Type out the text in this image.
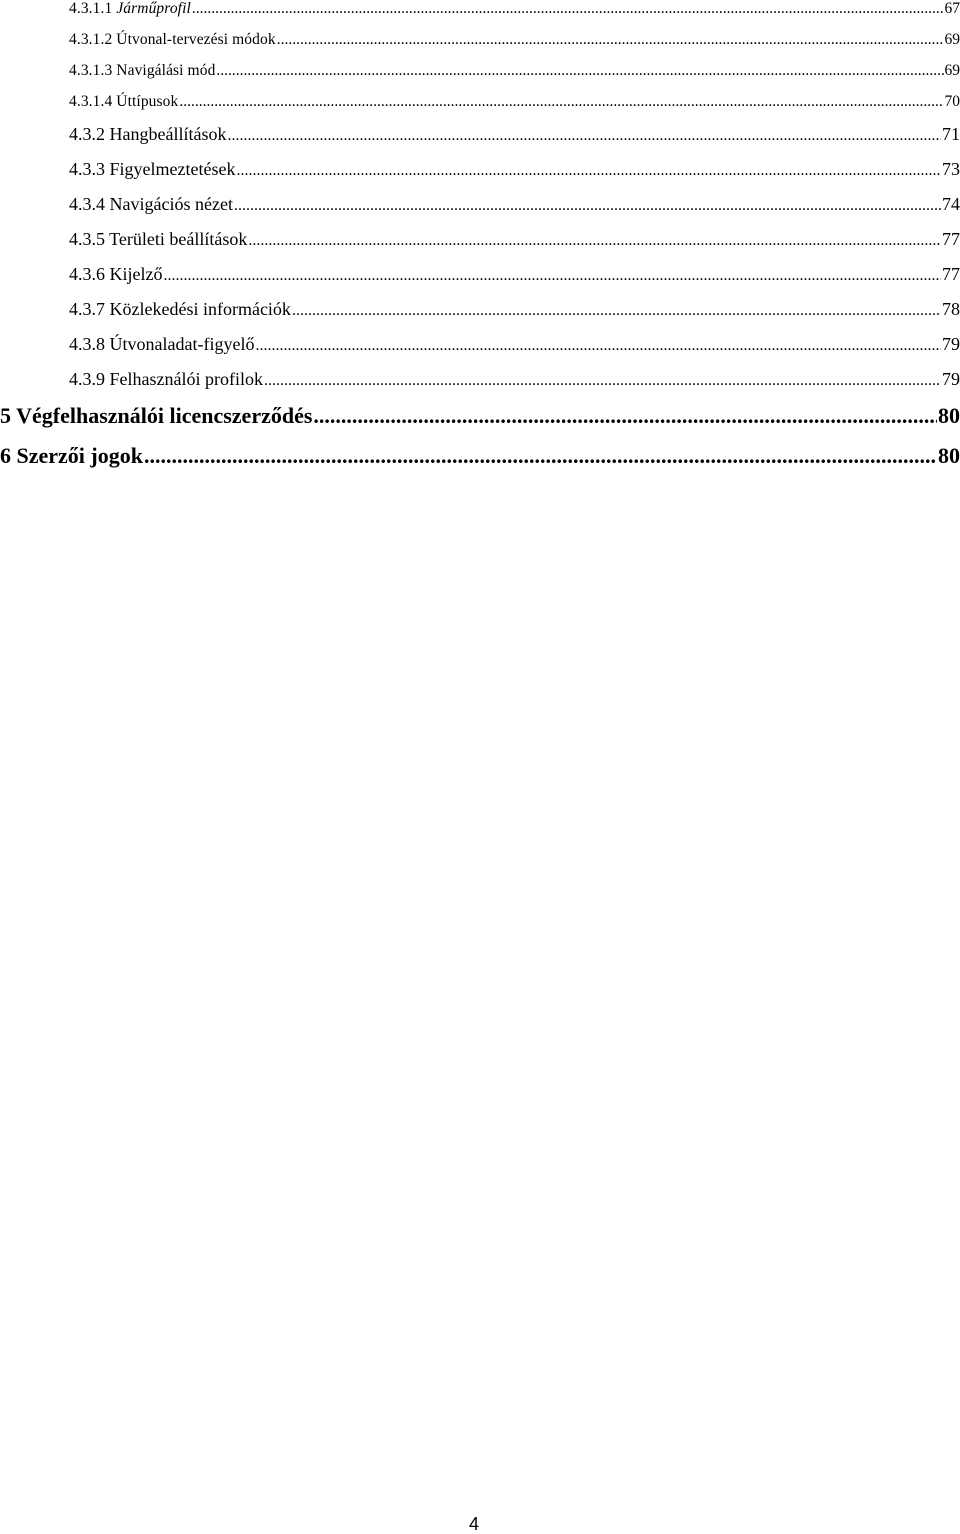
4.3.1.1 Járműprofil .....	67
4.3.1.2 Útvonal-tervezési módok .....	69
4.3.1.3 Navigálási mód .....	69
4.3.1.4 Úttípusok .....	70
4.3.2 Hangbeállítások .....	71
4.3.3 Figyelmeztetések .....	73
4.3.4 Navigációs nézet .....	74
4.3.5 Területi beállítások .....	77
4.3.6 Kijelző .....	77
4.3.7 Közlekedési információk .....	78
4.3.8 Útvonaladat-figyelő .....	79
4.3.9 Felhasználói profilok .....	79
5 Végfelhasználói licencszerződés .....	80
6 Szerzői jogok .....	80
4
